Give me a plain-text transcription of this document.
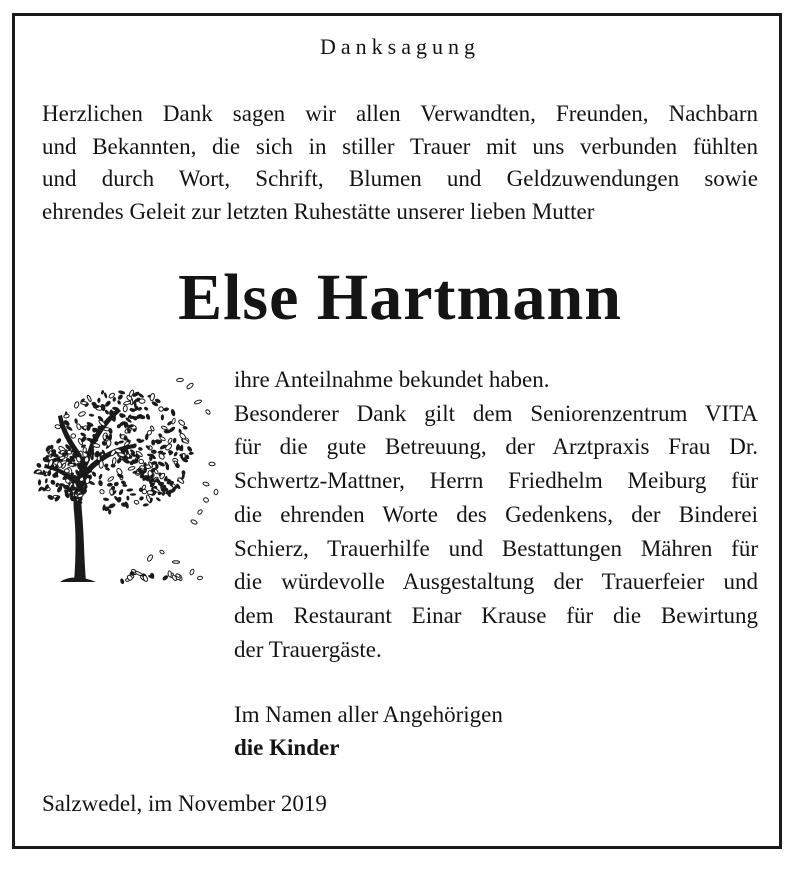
Danksagung
Herzlichen Dank sagen wir allen Verwandten, Freunden, Nachbarn
und Bekannten, die sich in stiller Trauer mit uns verbunden fühlten
und durch Wort, Schrift, Blumen und Geldzuwendungen sowie
ehrendes Geleit zur letzten Ruhestätte unserer lieben Mutter
Else Hartmann
ihre Anteilnahme bekundet haben.
Besonderer Dank gilt dem Seniorenzentrum VITA
für die gute Betreuung, der Arztpraxis Frau Dr.
Schwertz-Mattner, Herrn Friedhelm Meiburg für
die ehrenden Worte des Gedenkens, der Binderei
Schierz, Trauerhilfe und Bestattungen Mähren für
die würdevolle Ausgestaltung der Trauerfeier und
dem Restaurant Einar Krause für die Bewirtung
der Trauergäste.
Im Namen aller Angehörigen
die Kinder
Salzwedel, im November 2019
